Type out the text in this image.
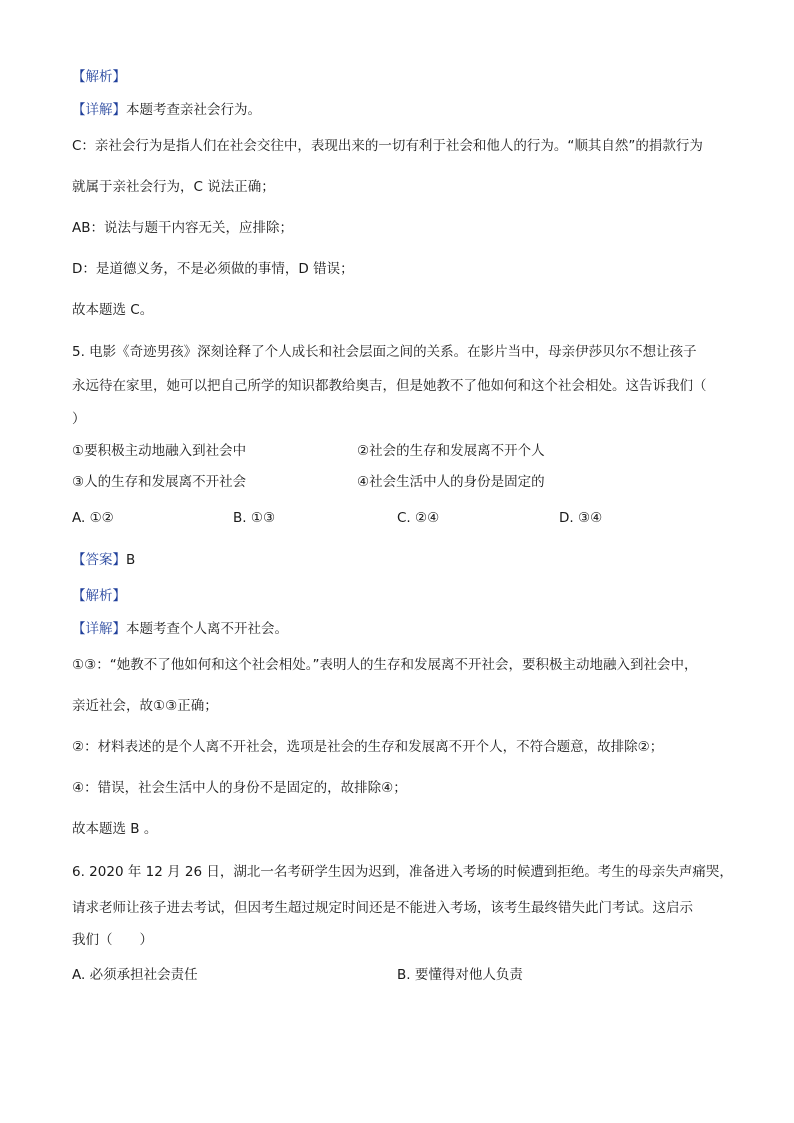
【解析】
【详解】本题考查亲社会行为。
C：亲社会行为是指人们在社会交往中，表现出来的一切有利于社会和他人的行为。“顺其自然”的捐款行为
就属于亲社会行为，C 说法正确；
AB：说法与题干内容无关，应排除；
D：是道德义务，不是必须做的事情，D 错误；
故本题选 C。
5. 电影《奇迹男孩》深刻诠释了个人成长和社会层面之间的关系。在影片当中，母亲伊莎贝尔不想让孩子
永远待在家里，她可以把自己所学的知识都教给奥吉，但是她教不了他如何和这个社会相处。这告诉我们（
）
①要积极主动地融入到社会中	②社会的生存和发展离不开个人
③人的生存和发展离不开社会	④社会生活中人的身份是固定的
A. ①②	B. ①③	C. ②④	D. ③④
【答案】B
【解析】
【详解】本题考查个人离不开社会。
①③：“她教不了他如何和这个社会相处。”表明人的生存和发展离不开社会，要积极主动地融入到社会中，
亲近社会，故①③正确；
②：材料表述的是个人离不开社会，选项是社会的生存和发展离不开个人，不符合题意，故排除②；
④：错误，社会生活中人的身份不是固定的，故排除④；
故本题选 B 。
6. 2020 年 12 月 26 日，湖北一名考研学生因为迟到，准备进入考场的时候遭到拒绝。考生的母亲失声痛哭，
请求老师让孩子进去考试，但因考生超过规定时间还是不能进入考场，该考生最终错失此门考试。这启示
我们（　　）
A. 必须承担社会责任	B. 要懂得对他人负责
